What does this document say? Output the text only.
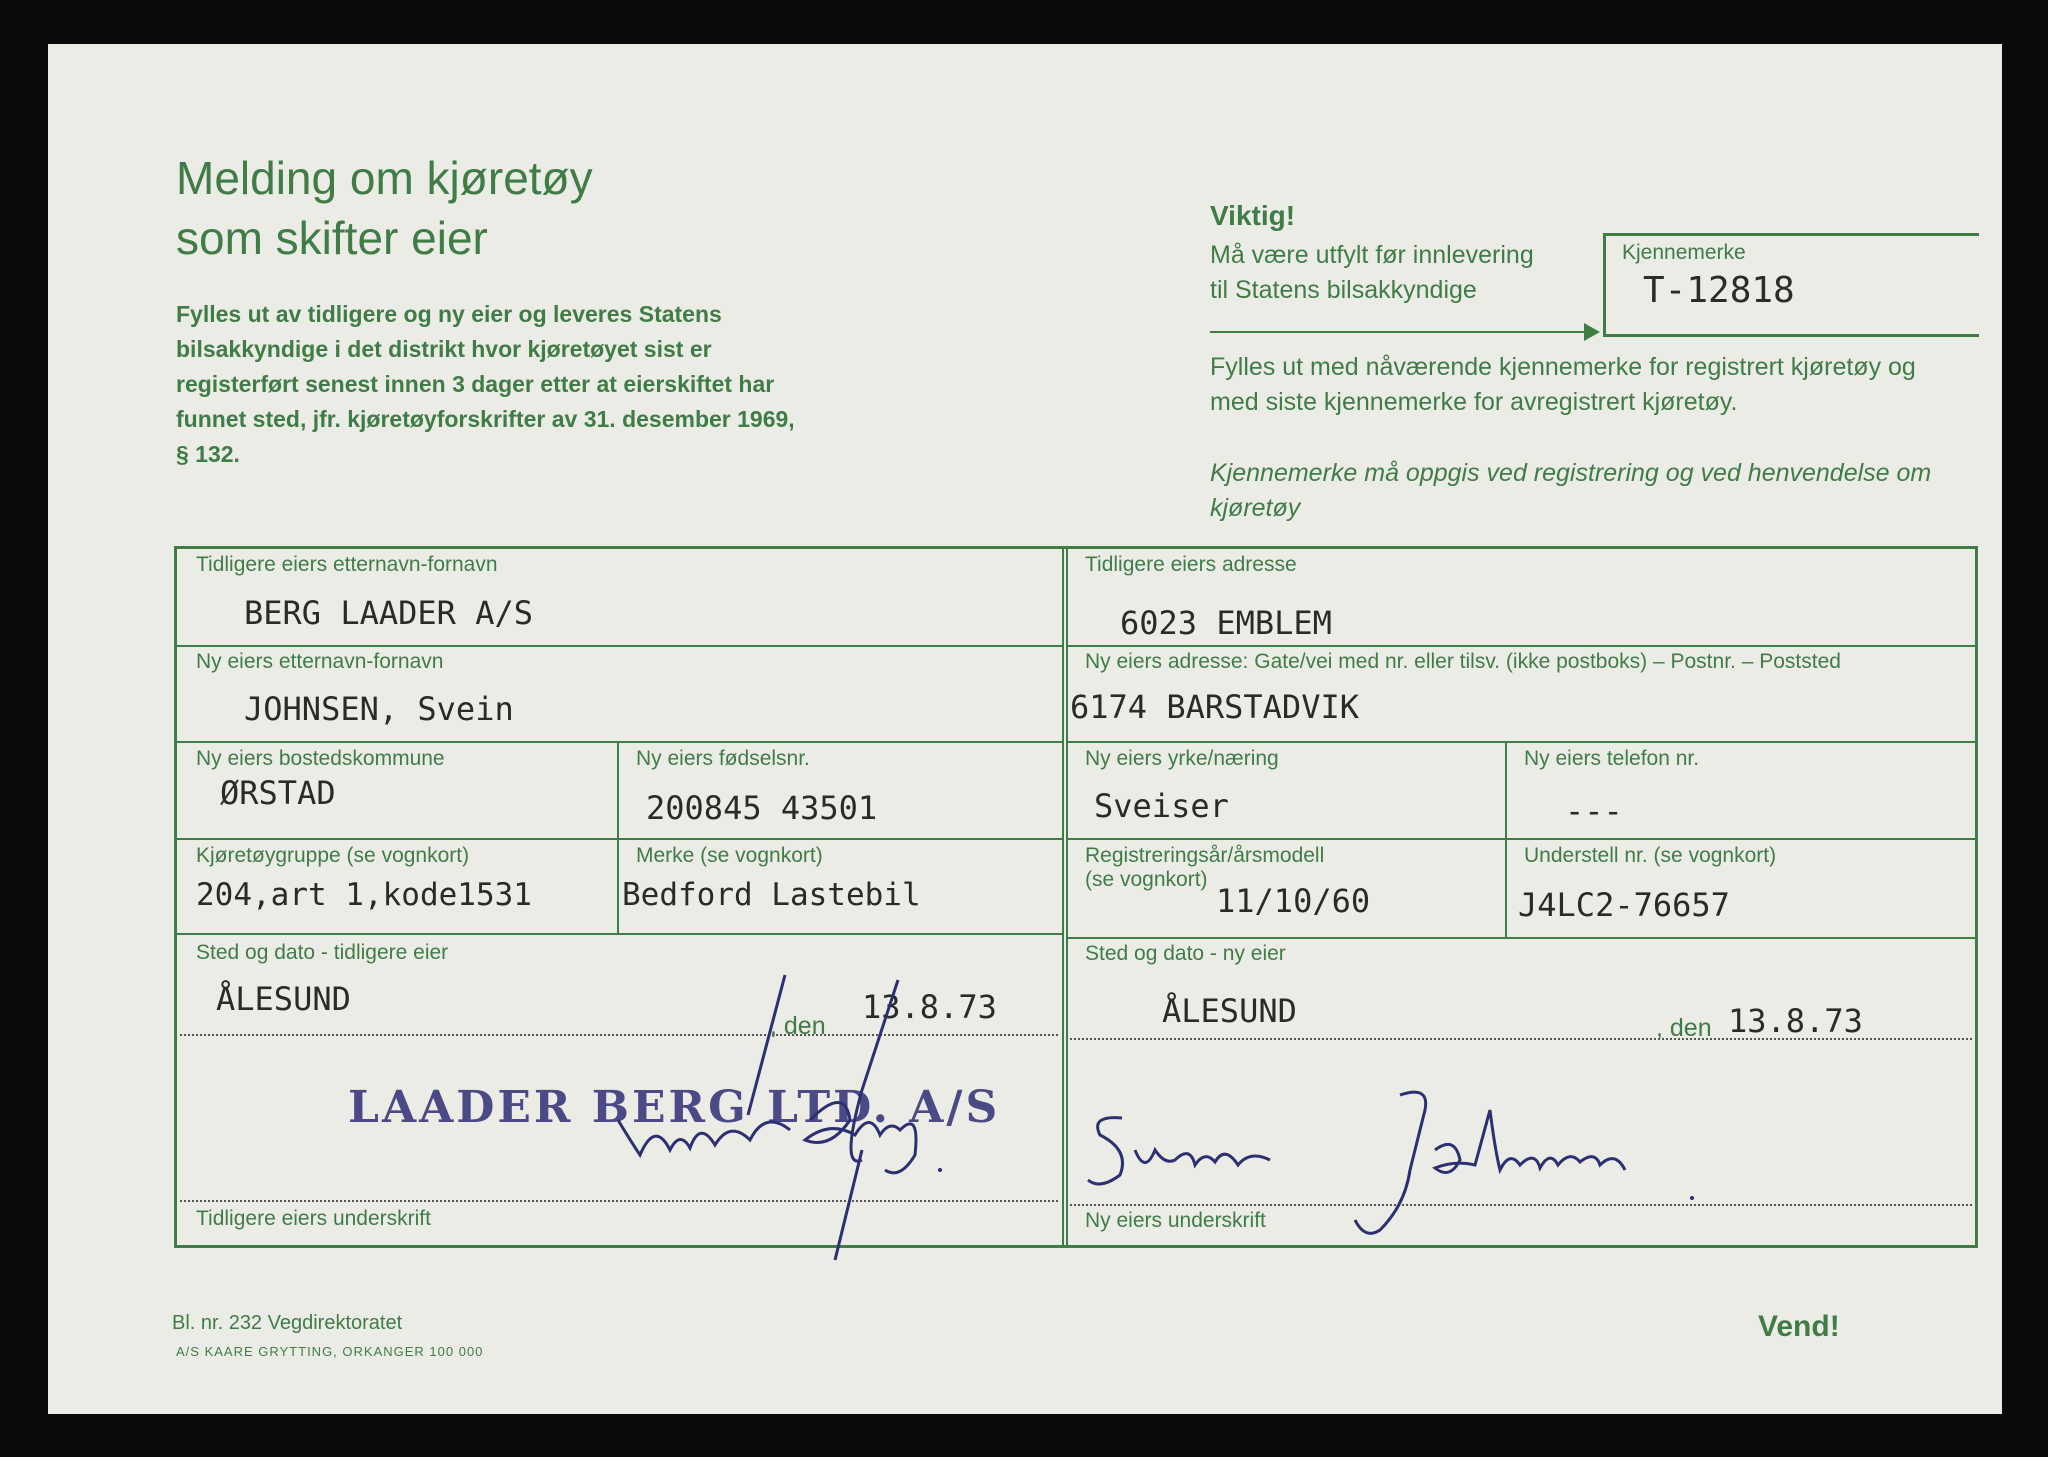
Melding om kjøretøy
som skifter eier

Fylles ut av tidligere og ny eier og leveres Statens bilsakkyndige i det distrikt hvor kjøretøyet sist er registerført senest innen 3 dager etter at eierskiftet har funnet sted, jfr. kjøretøyforskrifter av 31. desember 1969, § 132.

Viktig!
Må være utfylt før innlevering
til Statens bilsakkyndige
Kjennemerke
T-12818
Fylles ut med nåværende kjennemerke for registrert kjøretøy og med siste kjennemerke for avregistrert kjøretøy.
Kjennemerke må oppgis ved registrering og ved henvendelse om kjøretøy
Tidligere eiers etternavn-fornavn
BERG LAADER A/S
Tidligere eiers adresse
6023 EMBLEM
Ny eiers etternavn-fornavn
JOHNSEN, Svein
Ny eiers adresse: Gate/vei med nr. eller tilsv. (ikke postboks) – Postnr. – Poststed
6174 BARSTADVIK
Ny eiers bostedskommune
ØRSTAD
Ny eiers fødselsnr.
200845 43501
Ny eiers yrke/næring
Sveiser
Ny eiers telefon nr.
---
Kjøretøygruppe (se vognkort)
204,art 1,kode1531
Merke (se vognkort)
Bedford Lastebil
Registreringsår/årsmodell
(se vognkort)
11/10/60
Understell nr. (se vognkort)
J4LC2-76657
Sted og dato - tidligere eier
ÅLESUND
, den 13.8.73
Sted og dato - ny eier
ÅLESUND	, den 13.8.73
LAADER BERG LTD. A/S
Tidligere eiers underskrift	Ny eiers underskrift
Bl. nr. 232 Vegdirektoratet
A/S KAARE GRYTTING, ORKANGER 100 000
Vend!
